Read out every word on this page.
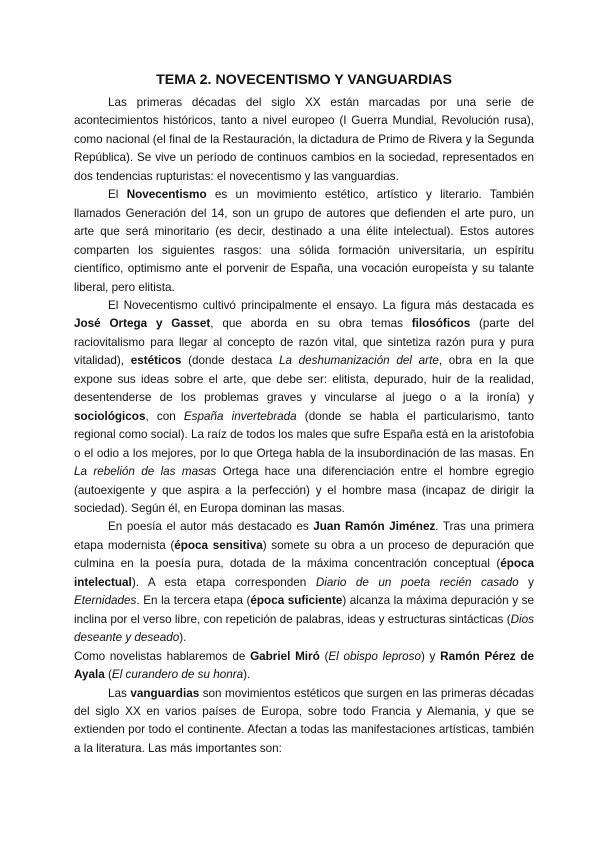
TEMA 2. NOVECENTISMO Y VANGUARDIAS

Las primeras décadas del siglo XX están marcadas por una serie de acontecimientos históricos, tanto a nivel europeo (I Guerra Mundial, Revolución rusa), como nacional (el final de la Restauración, la dictadura de Primo de Rivera y la Segunda República). Se vive un período de continuos cambios en la sociedad, representados en dos tendencias rupturistas: el novecentismo y las vanguardias.

El Novecentismo es un movimiento estético, artístico y literario. También llamados Generación del 14, son un grupo de autores que defienden el arte puro, un arte que será minoritario (es decir, destinado a una élite intelectual). Estos autores comparten los siguientes rasgos: una sólida formación universitaria, un espíritu científico, optimismo ante el porvenir de España, una vocación europeísta y su talante liberal, pero elitista.

El Novecentismo cultivó principalmente el ensayo. La figura más destacada es José Ortega y Gasset, que aborda en su obra temas filosóficos (parte del raciovitalismo para llegar al concepto de razón vital, que sintetiza razón pura y pura vitalidad), estéticos (donde destaca La deshumanización del arte, obra en la que expone sus ideas sobre el arte, que debe ser: elitista, depurado, huir de la realidad, desentenderse de los problemas graves y vincularse al juego o a la ironía) y sociológicos, con España invertebrada (donde se habla el particularismo, tanto regional como social). La raíz de todos los males que sufre España está en la aristofobia o el odio a los mejores, por lo que Ortega habla de la insubordinación de las masas. En La rebelión de las masas Ortega hace una diferenciación entre el hombre egregio (autoexigente y que aspira a la perfección) y el hombre masa (incapaz de dirigir la sociedad). Según él, en Europa dominan las masas.

En poesía el autor más destacado es Juan Ramón Jiménez. Tras una primera etapa modernista (época sensitiva) somete su obra a un proceso de depuración que culmina en la poesía pura, dotada de la máxima concentración conceptual (época intelectual). A esta etapa corresponden Diario de un poeta recién casado y Eternidades. En la tercera etapa (época suficiente) alcanza la máxima depuración y se inclina por el verso libre, con repetición de palabras, ideas y estructuras sintácticas (Dios deseante y deseado).

Como novelistas hablaremos de Gabriel Miró (El obispo leproso) y Ramón Pérez de Ayala (El curandero de su honra).

Las vanguardias son movimientos estéticos que surgen en las primeras décadas del siglo XX en varios países de Europa, sobre todo Francia y Alemania, y que se extienden por todo el continente. Afectan a todas las manifestaciones artísticas, también a la literatura. Las más importantes son:
